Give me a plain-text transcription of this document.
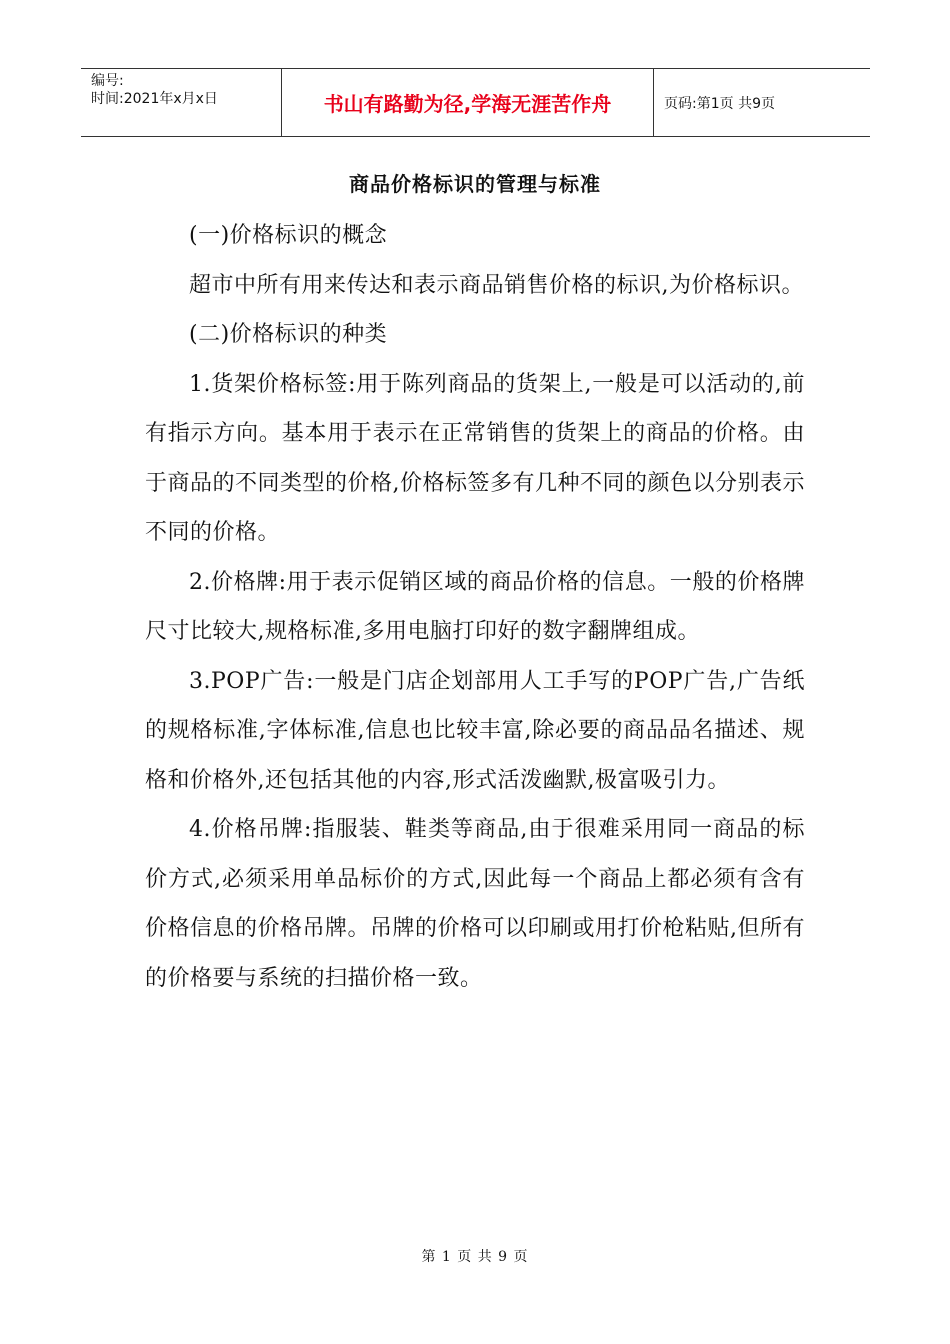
编号:
时间:2021年x月x日	书山有路勤为径,学海无涯苦作舟	页码:第1页 共9页
商品价格标识的管理与标准

(一)价格标识的概念

超市中所有用来传达和表示商品销售价格的标识,为价格标识。

(二)价格标识的种类

1.货架价格标签:用于陈列商品的货架上,一般是可以活动的,前有指示方向。基本用于表示在正常销售的货架上的商品的价格。由于商品的不同类型的价格,价格标签多有几种不同的颜色以分别表示不同的价格。

2.价格牌:用于表示促销区域的商品价格的信息。一般的价格牌尺寸比较大,规格标准,多用电脑打印好的数字翻牌组成。

3.POP广告:一般是门店企划部用人工手写的POP广告,广告纸的规格标准,字体标准,信息也比较丰富,除必要的商品品名描述、规格和价格外,还包括其他的内容,形式活泼幽默,极富吸引力。

4.价格吊牌:指服装、鞋类等商品,由于很难采用同一商品的标价方式,必须采用单品标价的方式,因此每一个商品上都必须有含有价格信息的价格吊牌。吊牌的价格可以印刷或用打价枪粘贴,但所有的价格要与系统的扫描价格一致。

第 1 页 共 9 页
